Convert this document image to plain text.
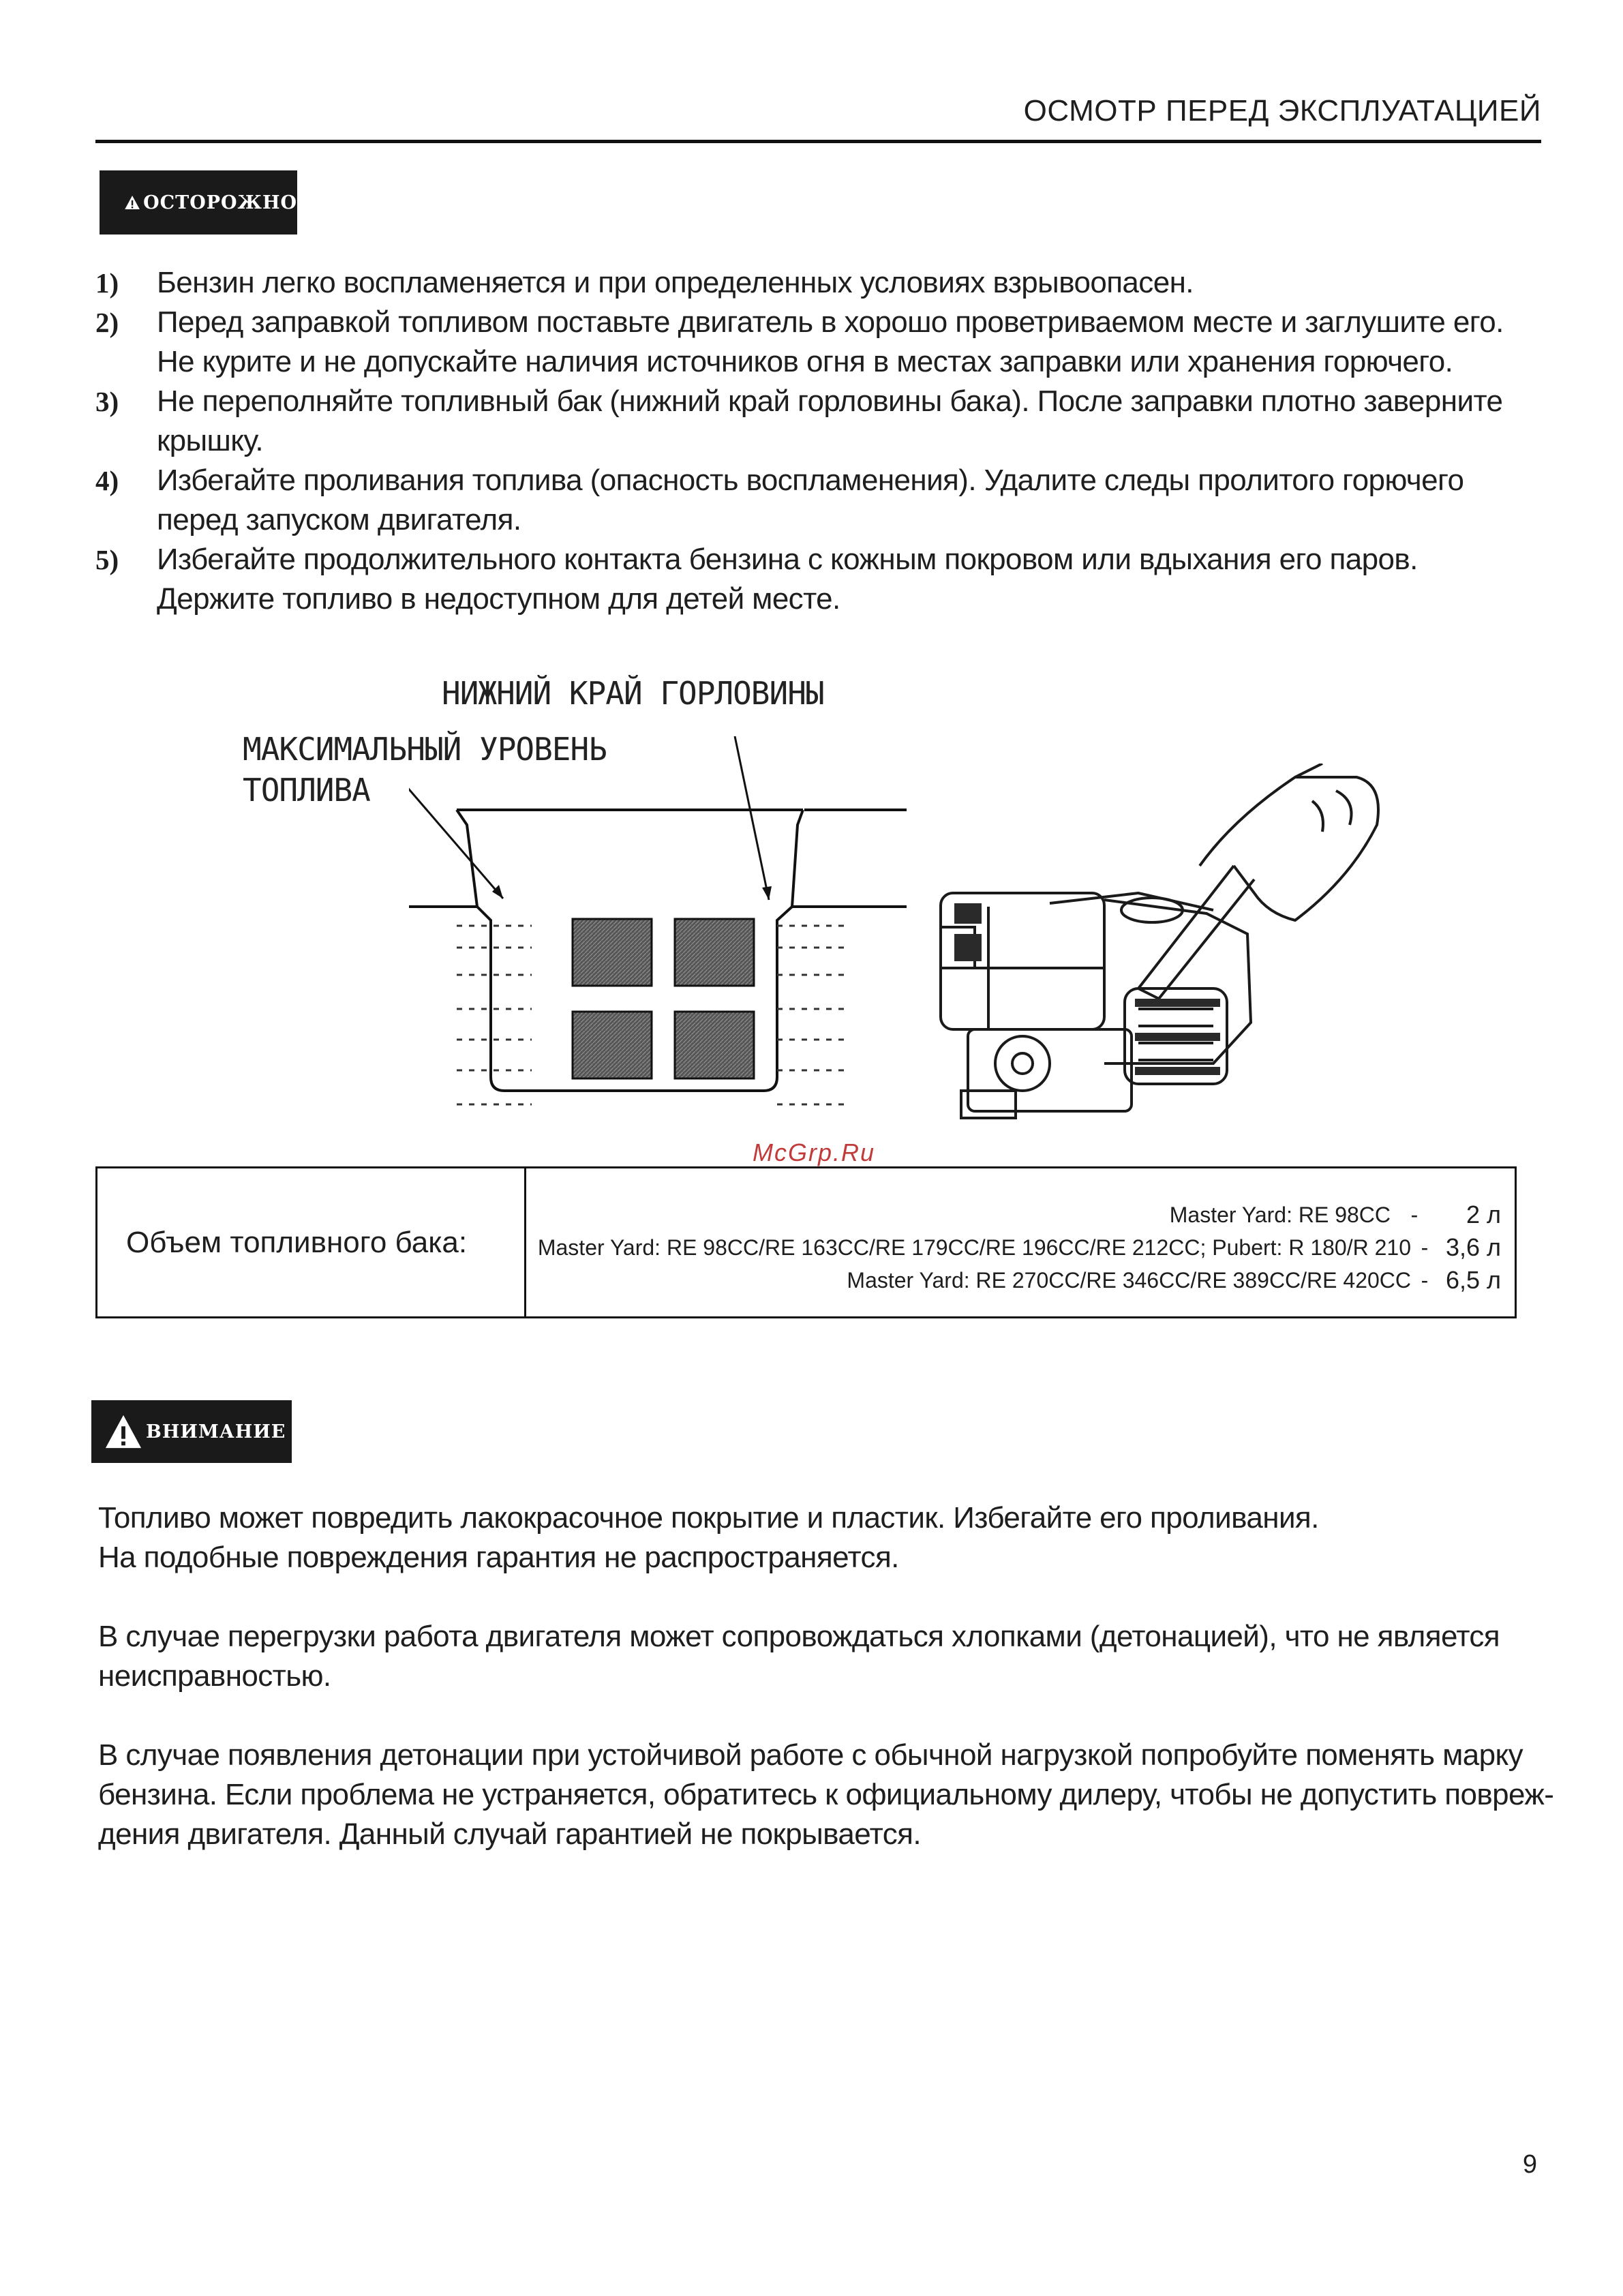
ОСМОТР ПЕРЕД ЭКСПЛУАТАЦИЕЙ
ОСТОРОЖНО
1)	Бензин легко воспламеняется и при определенных условиях взрывоопасен.
2)	Перед заправкой топливом поставьте двигатель в хорошо проветриваемом месте и заглушите его.
Не курите и не допускайте наличия источников огня в местах заправки или хранения горючего.
3)	Не переполняйте топливный бак (нижний край горловины бака). После заправки плотно заверните
крышку.
4)	Избегайте проливания топлива (опасность воспламенения). Удалите следы пролитого горючего
перед запуском двигателя.
5)	Избегайте продолжительного контакта бензина с кожным покровом или вдыхания его паров.
Держите топливо в недоступном для детей месте.
НИЖНИЙ КРАЙ ГОРЛОВИНЫ
МАКСИМАЛЬНЫЙ УРОВЕНЬ
ТОПЛИВА
McGrp.Ru
Объем топливного бака:
Master Yard: RE 98CC -	2 л
Master Yard: RE 98CC/RE 163CC/RE 179CC/RE 196CC/RE 212CC; Pubert: R 180/R 210 - 3,6 л
Master Yard: RE 270CC/RE 346CC/RE 389CC/RE 420CC - 6,5 л
ВНИМАНИЕ
Топливо может повредить лакокрасочное покрытие и пластик. Избегайте его проливания.
На подобные повреждения гарантия не распространяется.
В случае перегрузки работа двигателя может сопровождаться хлопками (детонацией), что не является
неисправностью.
В случае появления детонации при устойчивой работе с обычной нагрузкой попробуйте поменять марку
бензина. Если проблема не устраняется, обратитесь к официальному дилеру, чтобы не допустить повреж-
дения двигателя. Данный случай гарантией не покрывается.
9
